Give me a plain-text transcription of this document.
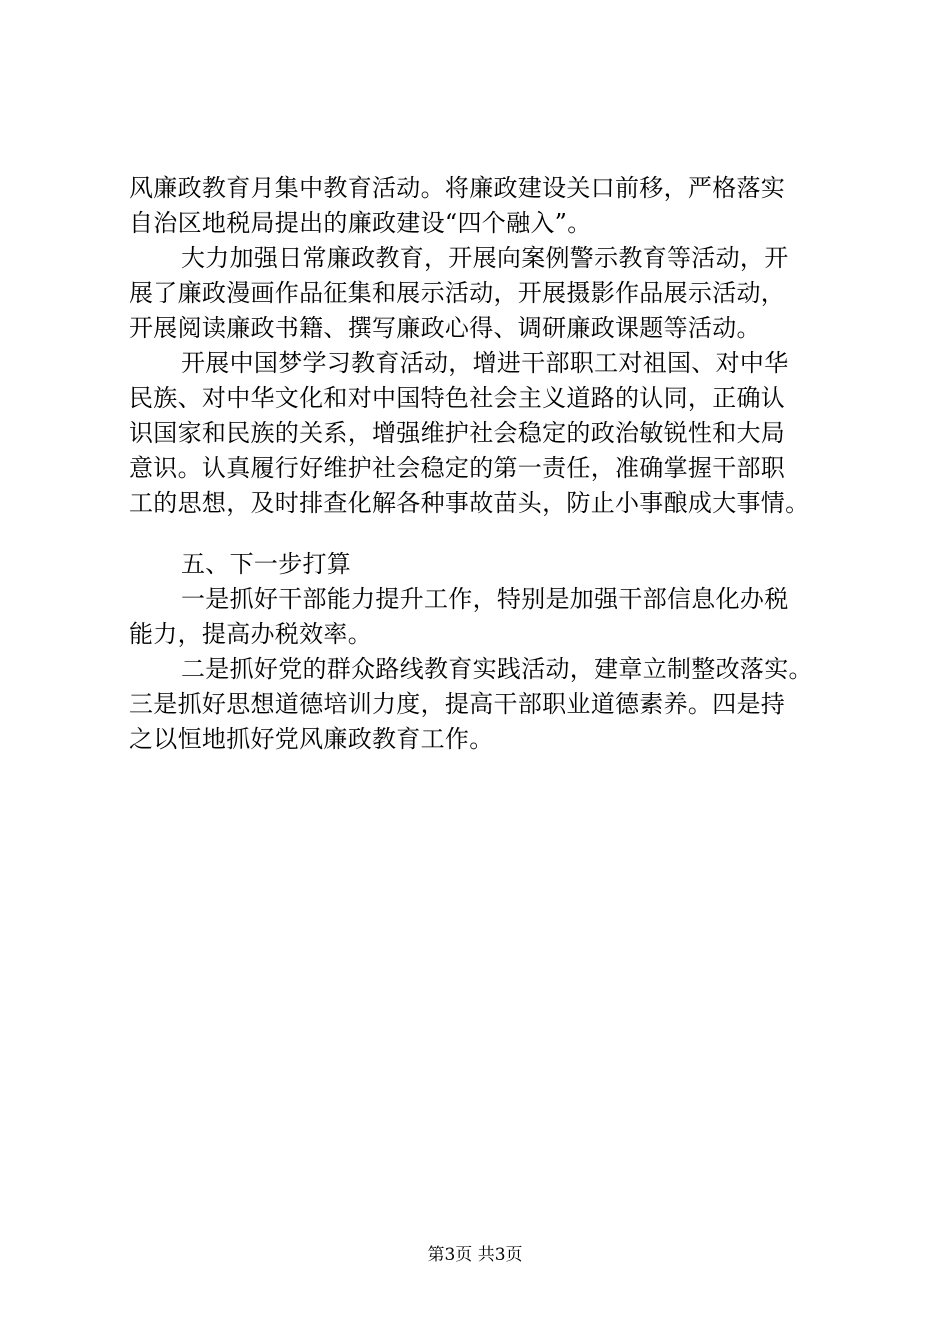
风廉政教育月集中教育活动。将廉政建设关口前移，严格落实
自治区地税局提出的廉政建设“四个融入”。
大力加强日常廉政教育，开展向案例警示教育等活动，开
展了廉政漫画作品征集和展示活动，开展摄影作品展示活动，
开展阅读廉政书籍、撰写廉政心得、调研廉政课题等活动。
开展中国梦学习教育活动，增进干部职工对祖国、对中华
民族、对中华文化和对中国特色社会主义道路的认同，正确认
识国家和民族的关系，增强维护社会稳定的政治敏锐性和大局
意识。认真履行好维护社会稳定的第一责任，准确掌握干部职
工的思想，及时排查化解各种事故苗头，防止小事酿成大事情。
五、下一步打算
一是抓好干部能力提升工作，特别是加强干部信息化办税
能力，提高办税效率。
二是抓好党的群众路线教育实践活动，建章立制整改落实。
三是抓好思想道德培训力度，提高干部职业道德素养。四是持
之以恒地抓好党风廉政教育工作。
第3页 共3页
